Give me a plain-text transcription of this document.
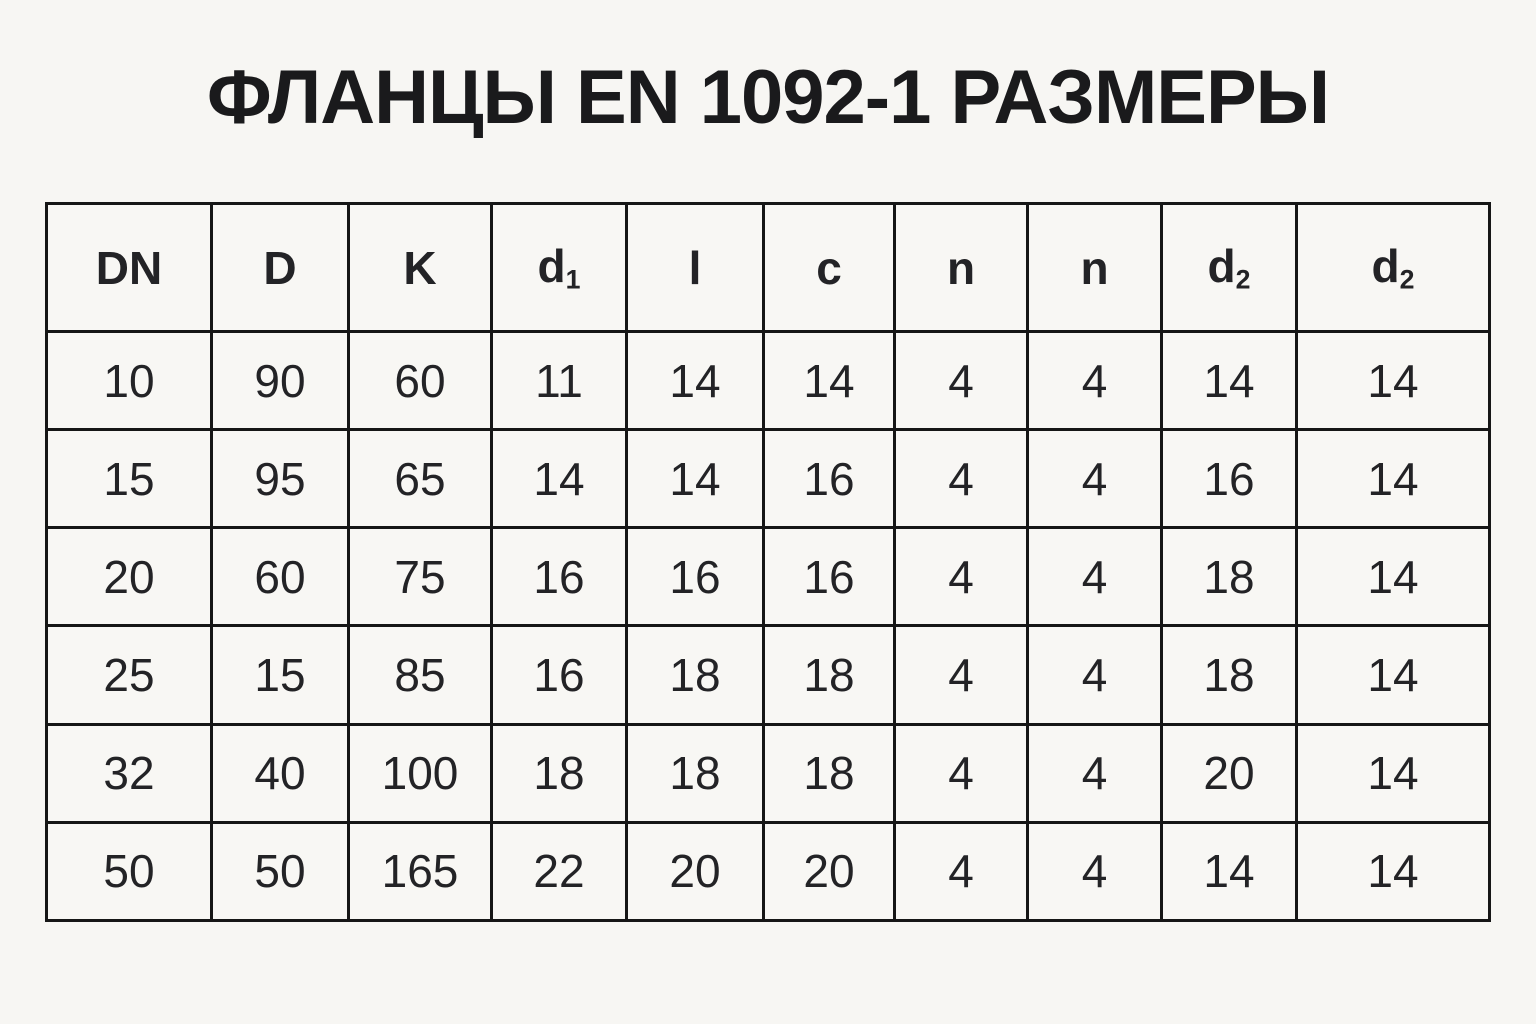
ФЛАНЦЫ EN 1092-1 РАЗМЕРЫ
DN	D	K	$d_1$	l	c	n	n	$d_2$	$d_2$
10	90	60	11	14	14	4	4	14	14
15	95	65	14	14	16	4	4	16	14
20	60	75	16	16	16	4	4	18	14
25	15	85	16	18	18	4	4	18	14
32	40	100	18	18	18	4	4	20	14
50	50	165	22	20	20	4	4	14	14
